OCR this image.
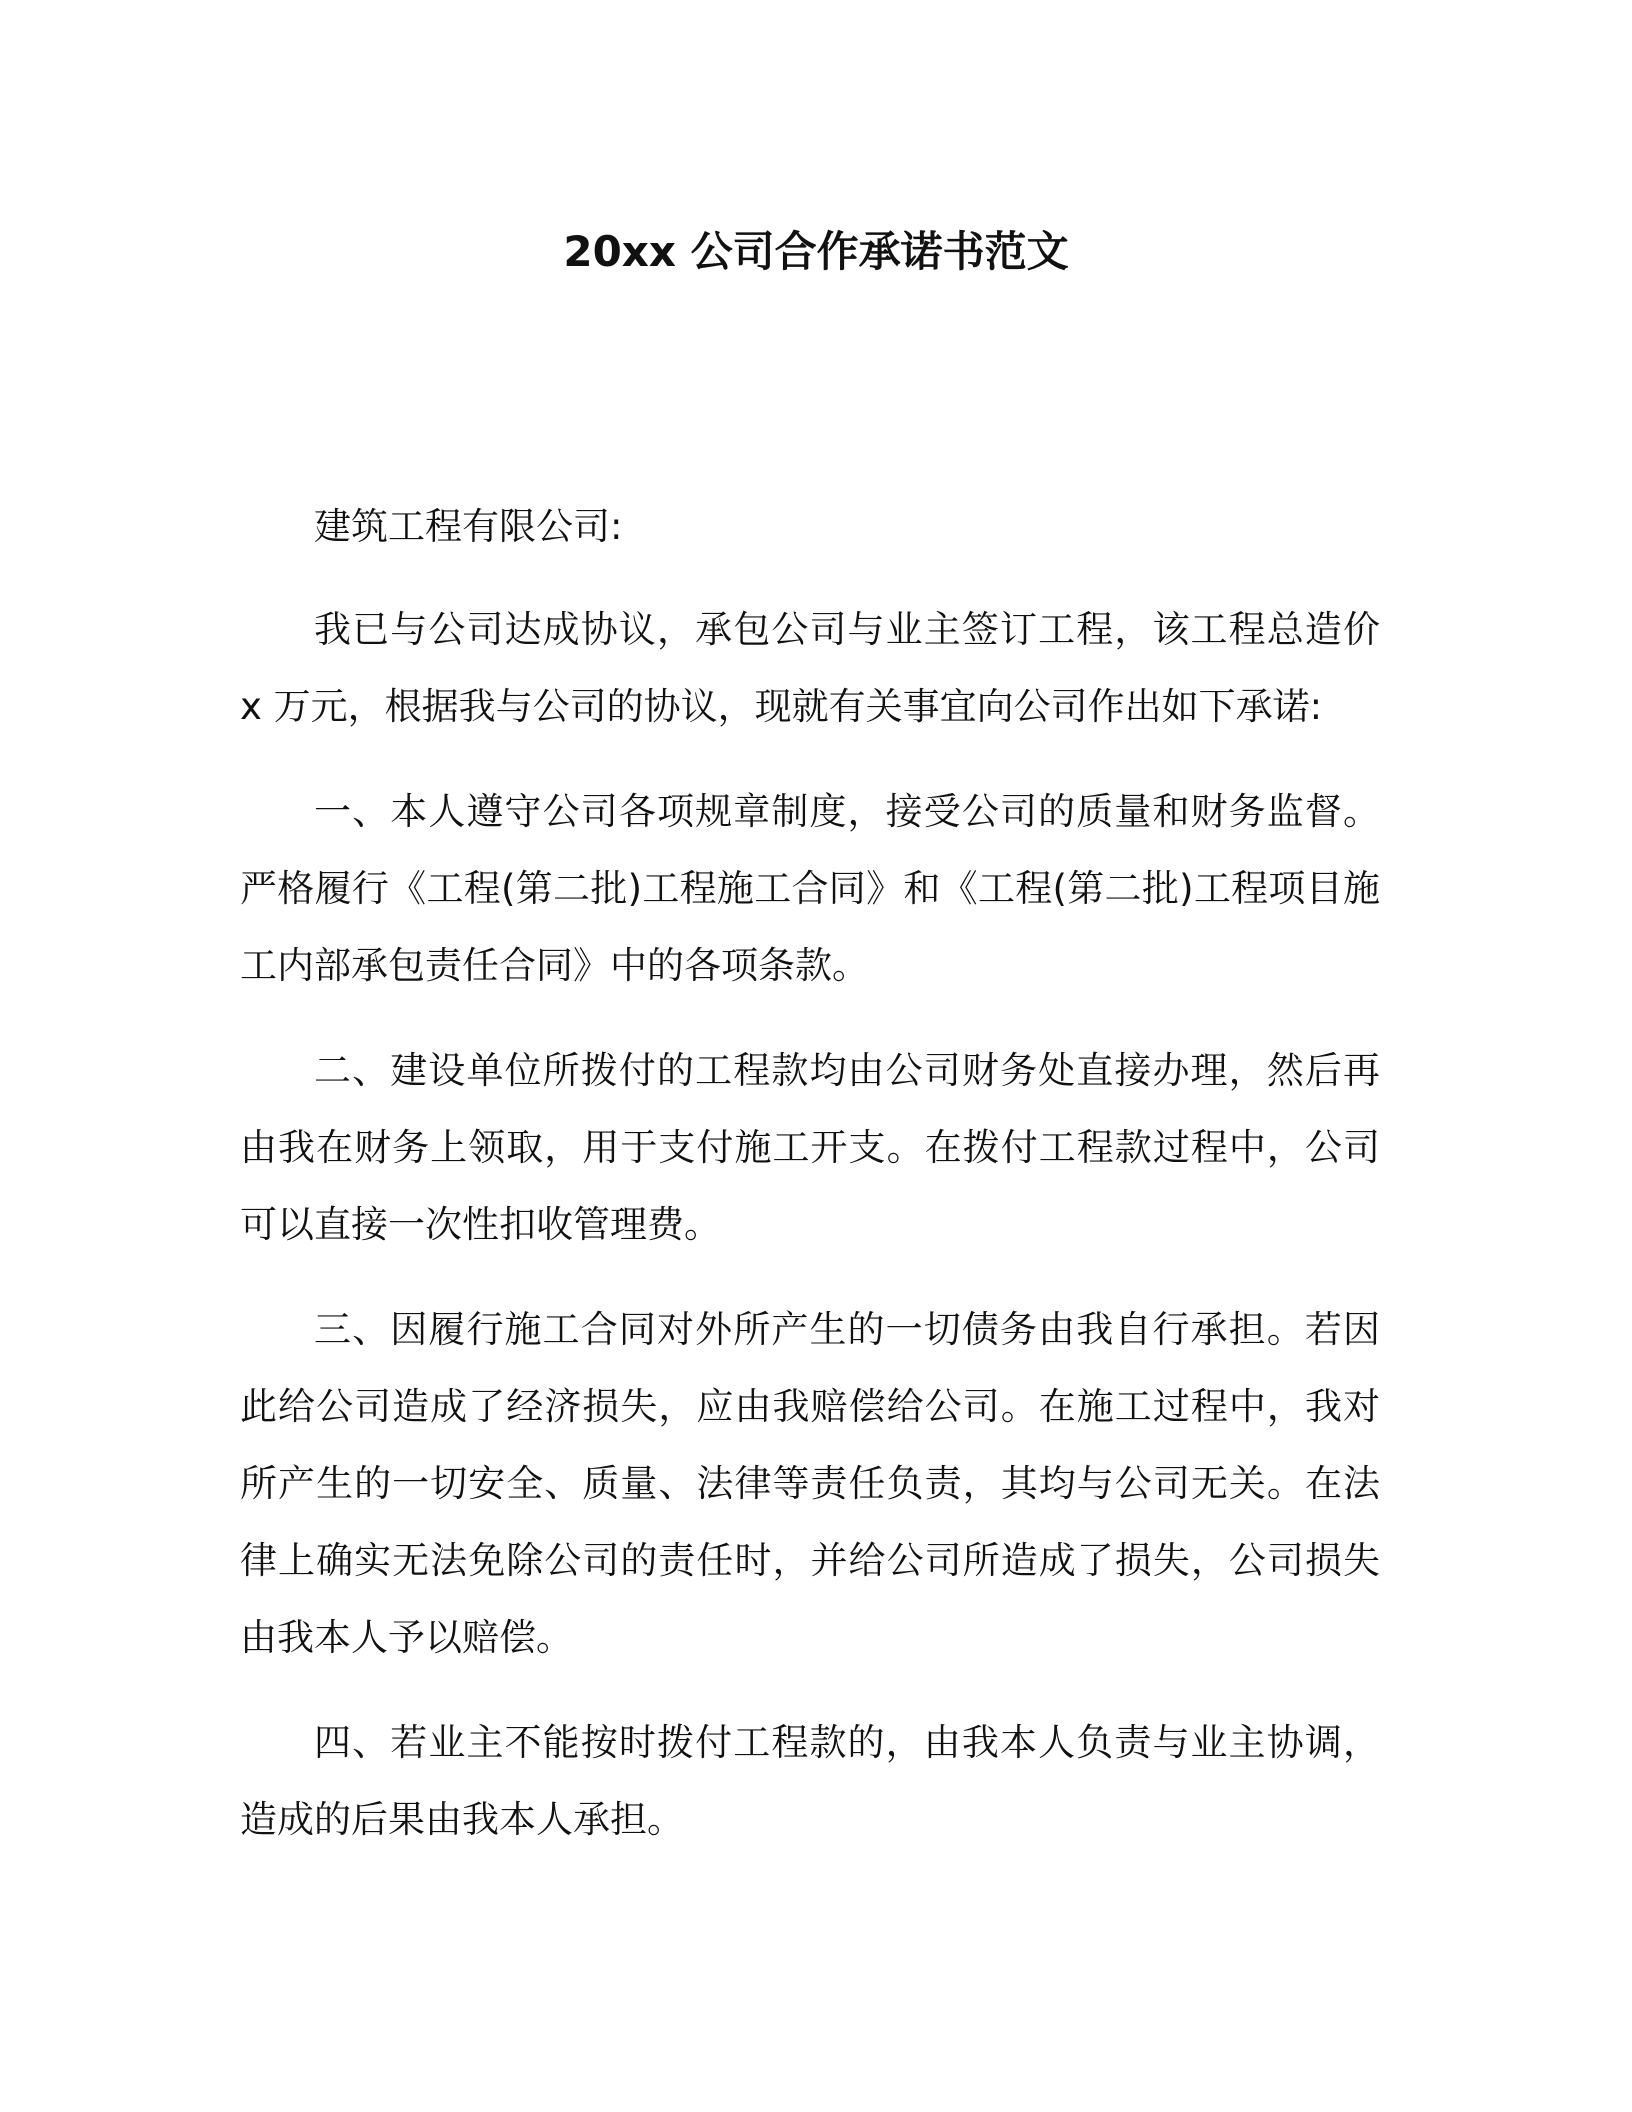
20xx 公司合作承诺书范文

建筑工程有限公司:

我已与公司达成协议，承包公司与业主签订工程，该工程总造价 x 万元，根据我与公司的协议，现就有关事宜向公司作出如下承诺:

一、本人遵守公司各项规章制度，接受公司的质量和财务监督。严格履行《工程(第二批)工程施工合同》和《工程(第二批)工程项目施工内部承包责任合同》中的各项条款。

二、建设单位所拨付的工程款均由公司财务处直接办理，然后再由我在财务上领取，用于支付施工开支。在拨付工程款过程中，公司可以直接一次性扣收管理费。

三、因履行施工合同对外所产生的一切债务由我自行承担。若因此给公司造成了经济损失，应由我赔偿给公司。在施工过程中，我对所产生的一切安全、质量、法律等责任负责，其均与公司无关。在法律上确实无法免除公司的责任时，并给公司所造成了损失，公司损失由我本人予以赔偿。

四、若业主不能按时拨付工程款的，由我本人负责与业主协调，造成的后果由我本人承担。
